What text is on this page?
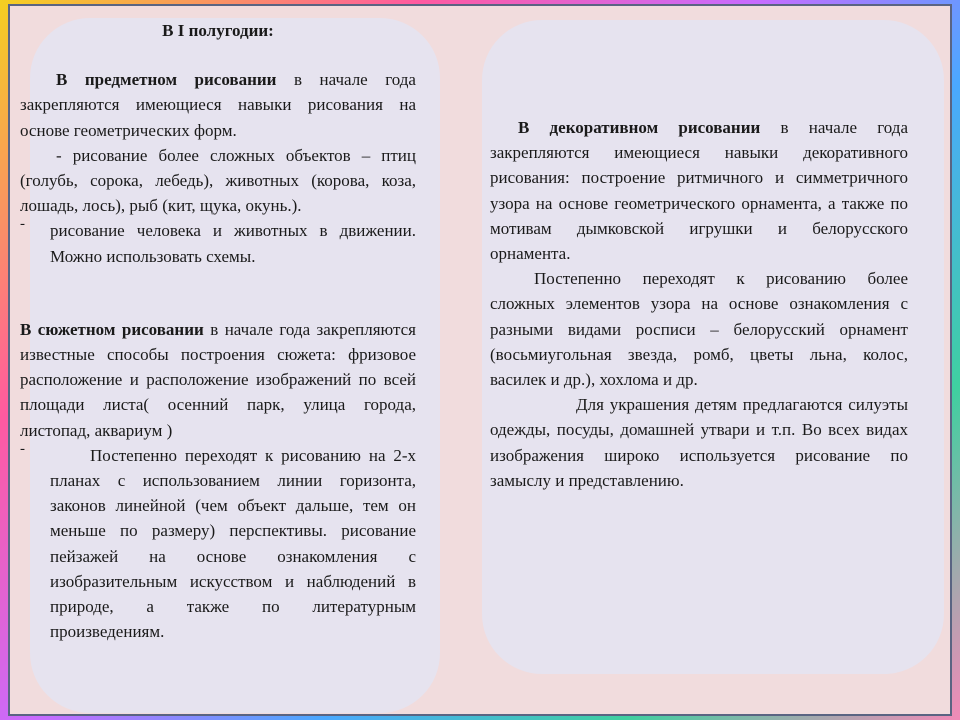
В I полугодии:

В предметном рисовании в начале года закрепляются имеющиеся навыки рисования на основе геометрических форм.

- рисование более сложных объектов – птиц (голубь, сорока, лебедь), животных (корова, коза, лошадь, лось), рыб (кит, щука, окунь.).

- рисование человека и животных в движении. Можно использовать схемы.

В сюжетном рисовании в начале года закрепляются известные способы построения сюжета: фризовое расположение и расположение изображений по всей площади листа( осенний парк, улица города, листопад, аквариум )

-	Постепенно переходят к рисованию на 2-х планах с использованием линии горизонта, законов линейной (чем объект дальше, тем он меньше по размеру) перспективы. рисование пейзажей на основе ознакомления с изобразительным искусством и наблюдений в природе, а также по литературным произведениям.

В декоративном рисовании в начале года закрепляются имеющиеся навыки декоративного рисования: построение ритмичного и симметричного узора на основе геометрического орнамента, а также по мотивам дымковской игрушки и белорусского орнамента.

Постепенно переходят к рисованию более сложных элементов узора на основе ознакомления с разными видами росписи – белорусский орнамент (восьмиугольная звезда, ромб, цветы льна, колос, василек и др.), хохлома и др.

Для украшения детям предлагаются силуэты одежды, посуды, домашней утвари и т.п. Во всех видах изображения широко используется рисование по замыслу и представлению.
